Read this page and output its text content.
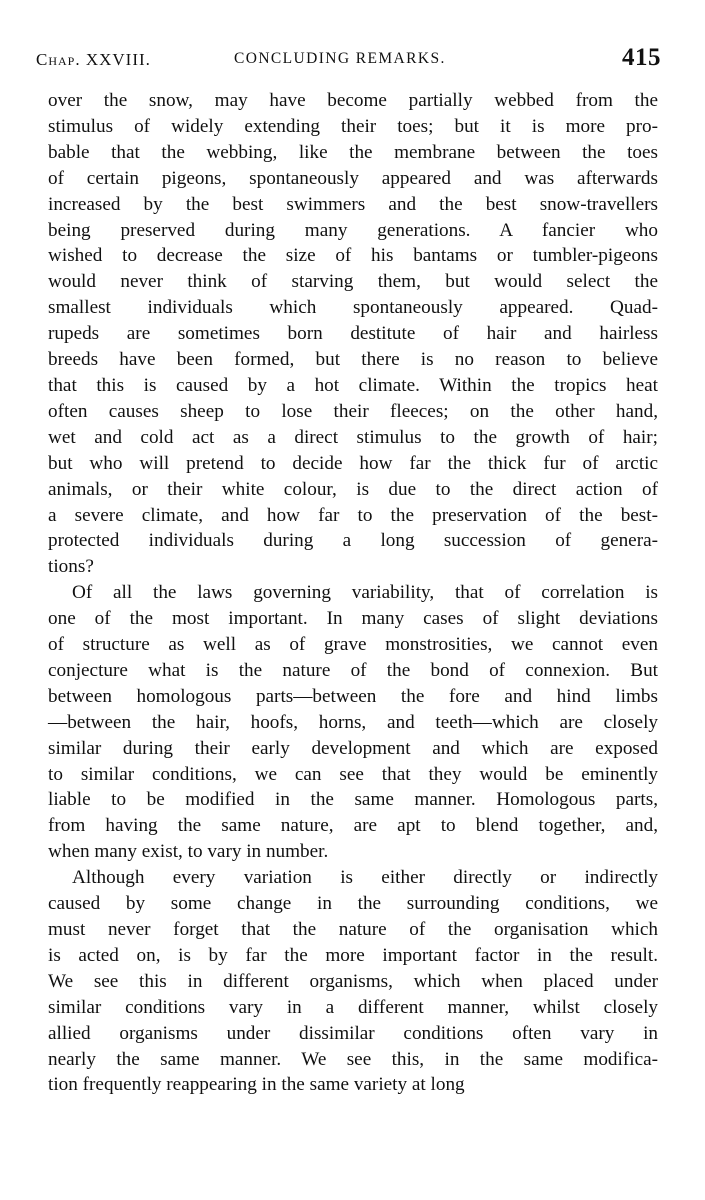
Chap. XXVIII.	CONCLUDING REMARKS.	415
over the snow, may have become partially webbed from the
stimulus of widely extending their toes; but it is more pro-
bable that the webbing, like the membrane between the toes
of certain pigeons, spontaneously appeared and was afterwards
increased by the best swimmers and the best snow-travellers
being preserved during many generations. A fancier who
wished to decrease the size of his bantams or tumbler-pigeons
would never think of starving them, but would select the
smallest individuals which spontaneously appeared. Quad-
rupeds are sometimes born destitute of hair and hairless
breeds have been formed, but there is no reason to believe
that this is caused by a hot climate. Within the tropics heat
often causes sheep to lose their fleeces; on the other hand,
wet and cold act as a direct stimulus to the growth of hair;
but who will pretend to decide how far the thick fur of arctic
animals, or their white colour, is due to the direct action of
a severe climate, and how far to the preservation of the best-
protected individuals during a long succession of genera-
tions?
Of all the laws governing variability, that of correlation is
one of the most important. In many cases of slight deviations
of structure as well as of grave monstrosities, we cannot even
conjecture what is the nature of the bond of connexion. But
between homologous parts—between the fore and hind limbs
—between the hair, hoofs, horns, and teeth—which are closely
similar during their early development and which are exposed
to similar conditions, we can see that they would be eminently
liable to be modified in the same manner. Homologous parts,
from having the same nature, are apt to blend together, and,
when many exist, to vary in number.
Although every variation is either directly or indirectly
caused by some change in the surrounding conditions, we
must never forget that the nature of the organisation which
is acted on, is by far the more important factor in the result.
We see this in different organisms, which when placed under
similar conditions vary in a different manner, whilst closely
allied organisms under dissimilar conditions often vary in
nearly the same manner. We see this, in the same modifica-
tion frequently reappearing in the same variety at long
